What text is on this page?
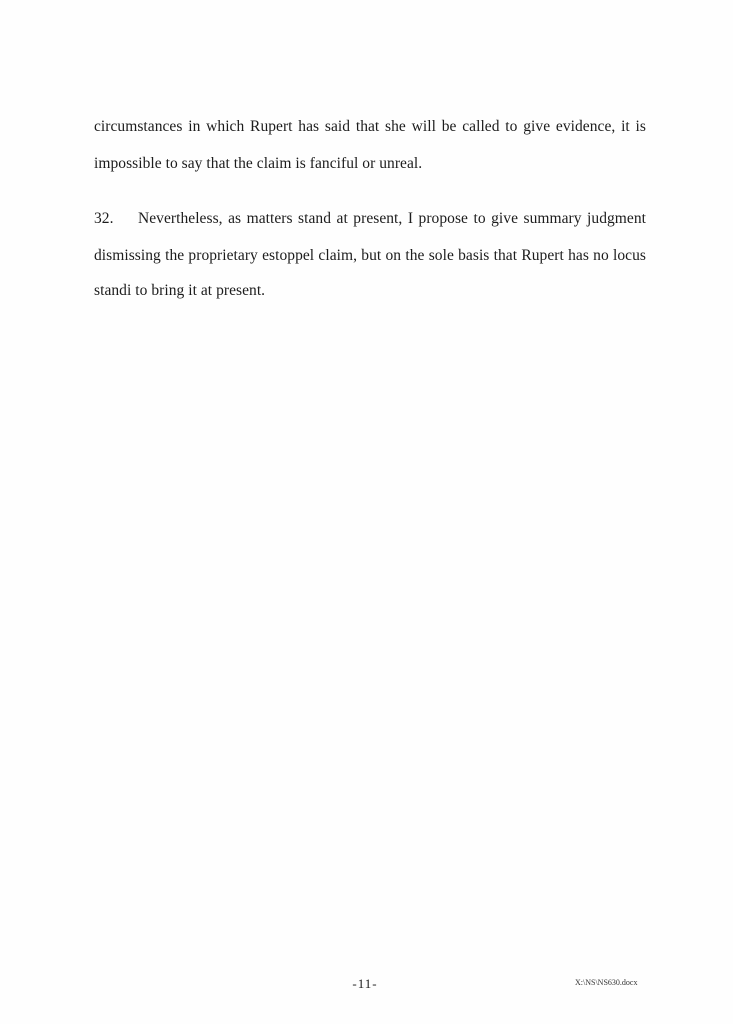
circumstances in which Rupert has said that she will be called to give evidence, it is
impossible to say that the claim is fanciful or unreal.
32. Nevertheless, as matters stand at present, I propose to give summary judgment
dismissing the proprietary estoppel claim, but on the sole basis that Rupert has no locus
standi to bring it at present.
-11-	X:\NS\NS630.docx
